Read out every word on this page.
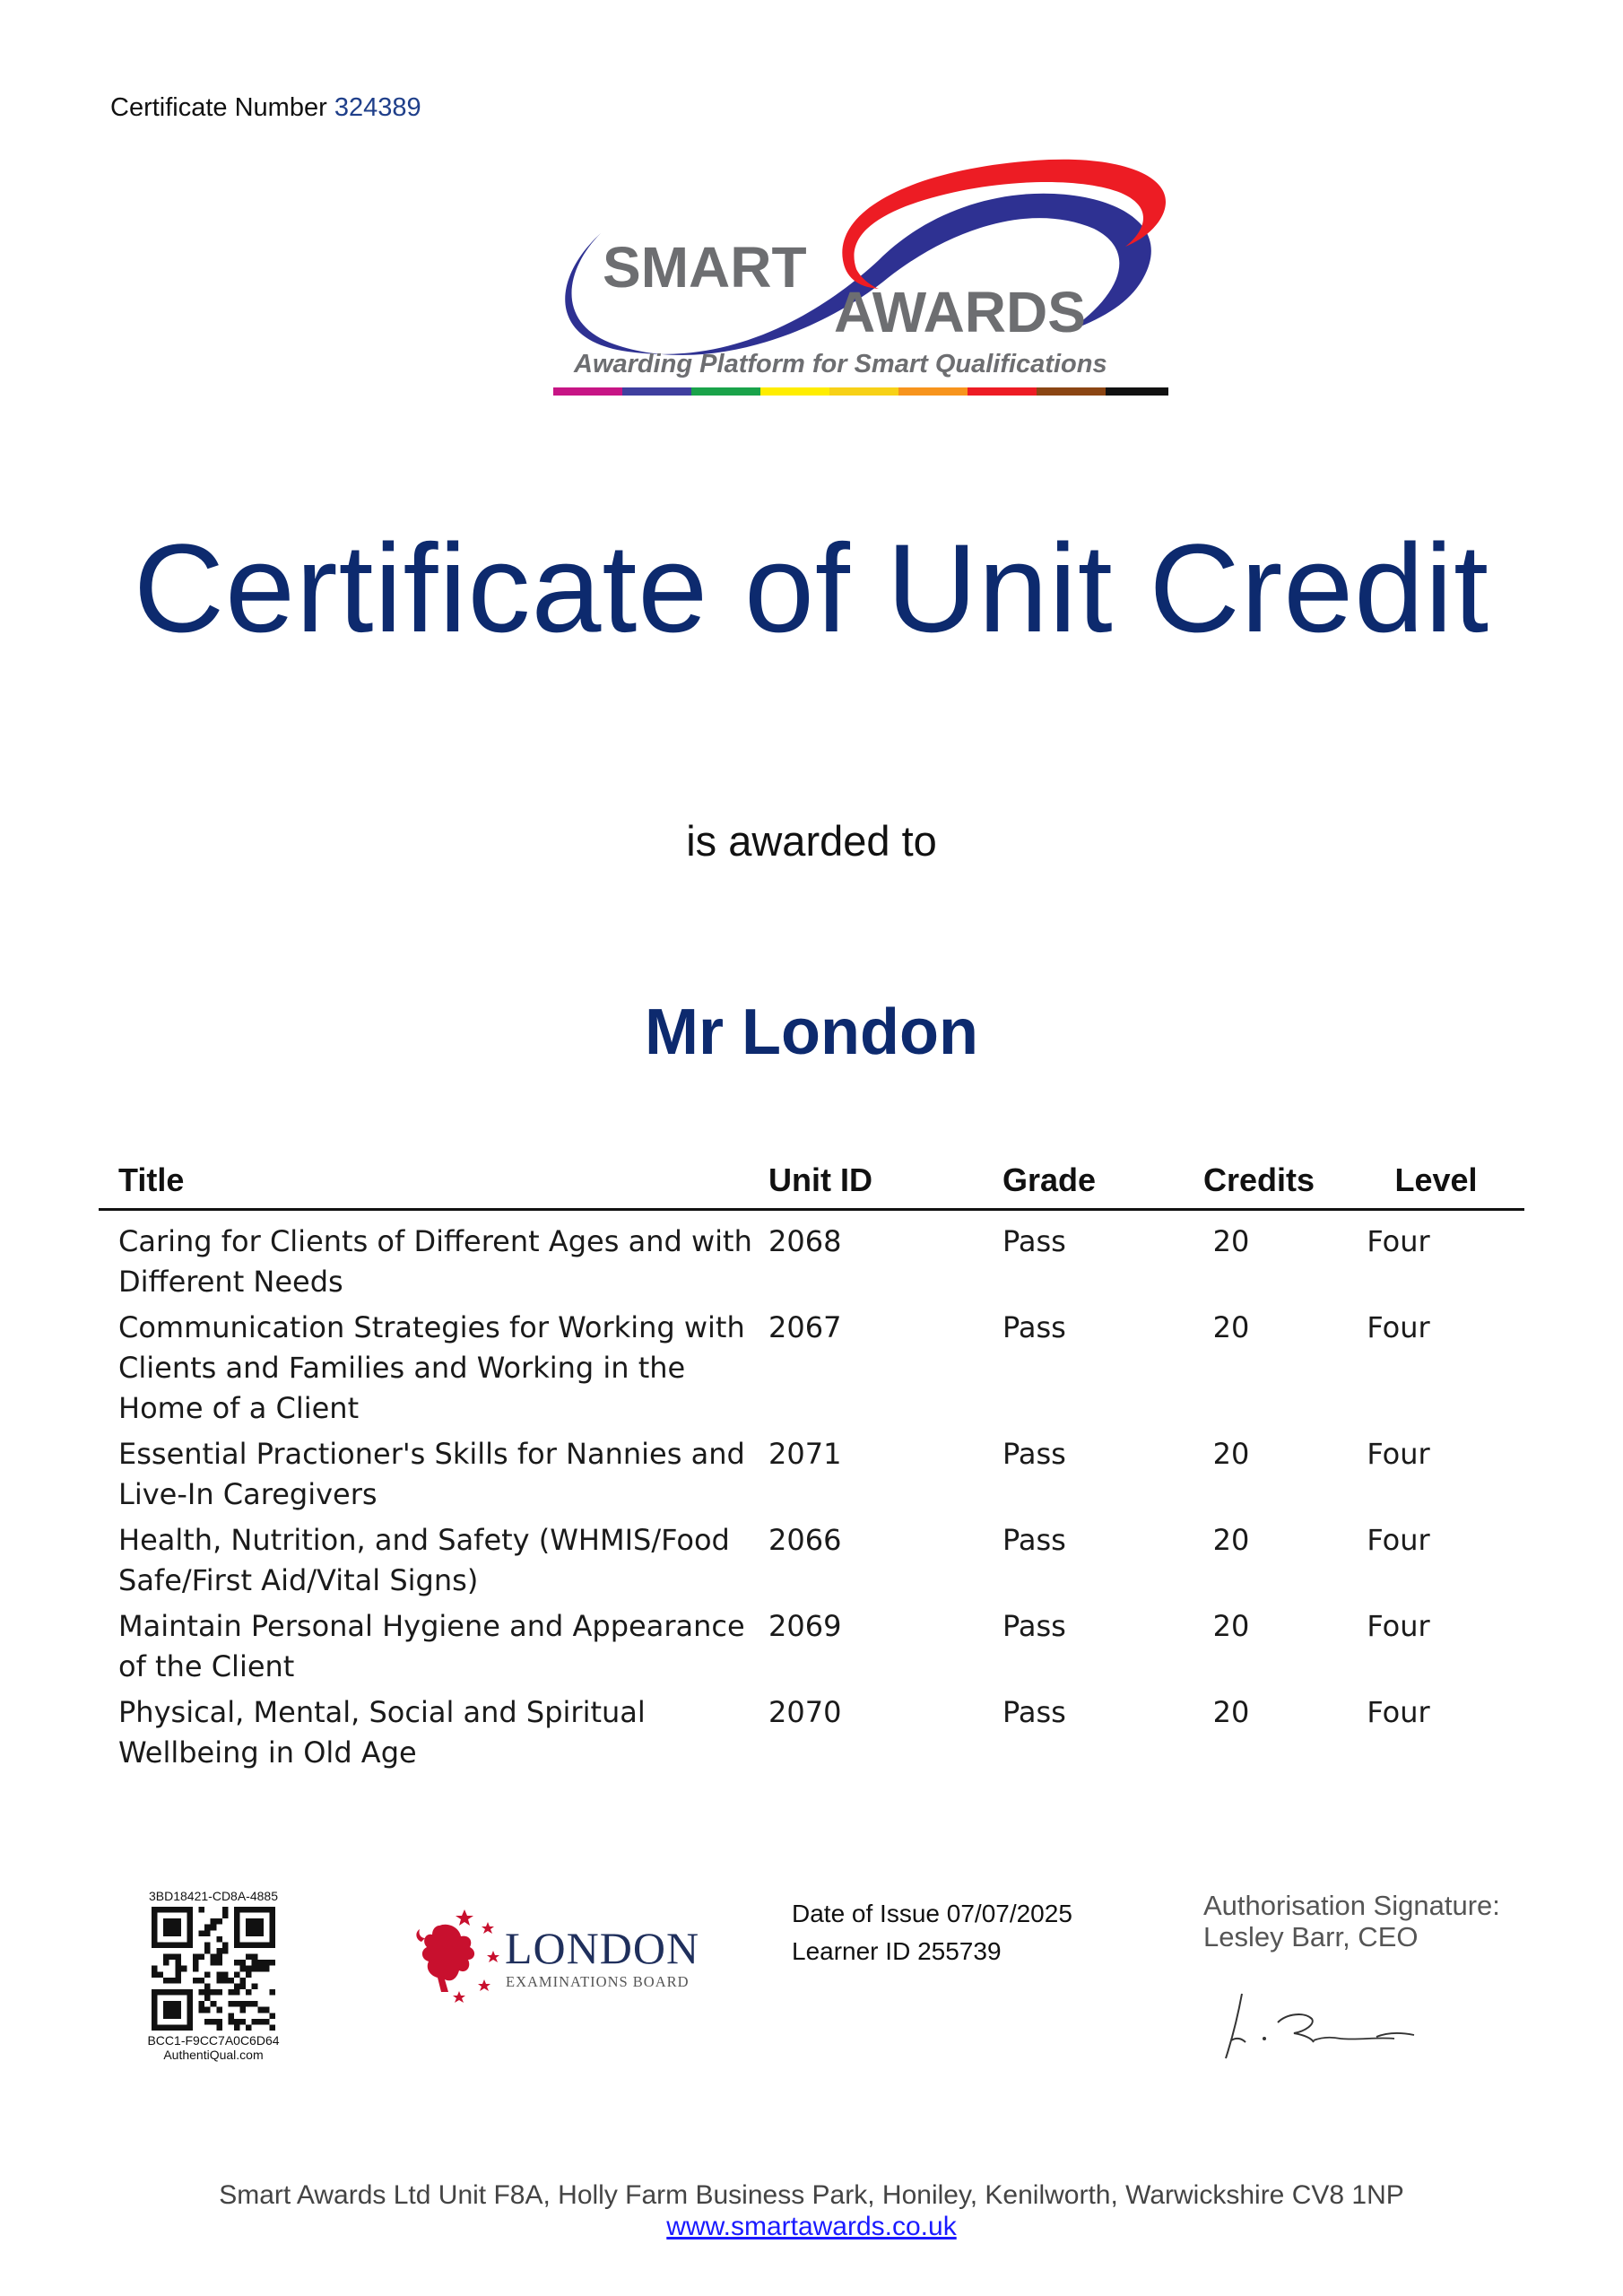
Certificate Number 324389
SMART
AWARDS
Awarding Platform for Smart Qualifications
Certificate of Unit Credit
is awarded to
Mr London
Title	Unit ID	Grade	Credits Level
Caring for Clients of Different Ages and with Different Needs
2068	Pass	20	Four
Communication Strategies for Working with Clients and Families and Working in the Home of a Client
2067	Pass	20	Four
Essential Practioner's Skills for Nannies and Live-In Caregivers
2071	Pass	20	Four
Health, Nutrition, and Safety (WHMIS/Food Safe/First Aid/Vital Signs)
2066	Pass	20	Four
Maintain Personal Hygiene and Appearance of the Client
2069	Pass	20	Four
Physical, Mental, Social and Spiritual Wellbeing in Old Age
2070	Pass	20	Four
3BD18421-CD8A-4885
BCC1-F9CC7A0C6D64
AuthentiQual.com
LONDON
EXAMINATIONS BOARD
Date of Issue 07/07/2025
Learner ID 255739
Authorisation Signature:
Lesley Barr, CEO
Smart Awards Ltd Unit F8A, Holly Farm Business Park, Honiley, Kenilworth, Warwickshire CV8 1NP
www.smartawards.co.uk
